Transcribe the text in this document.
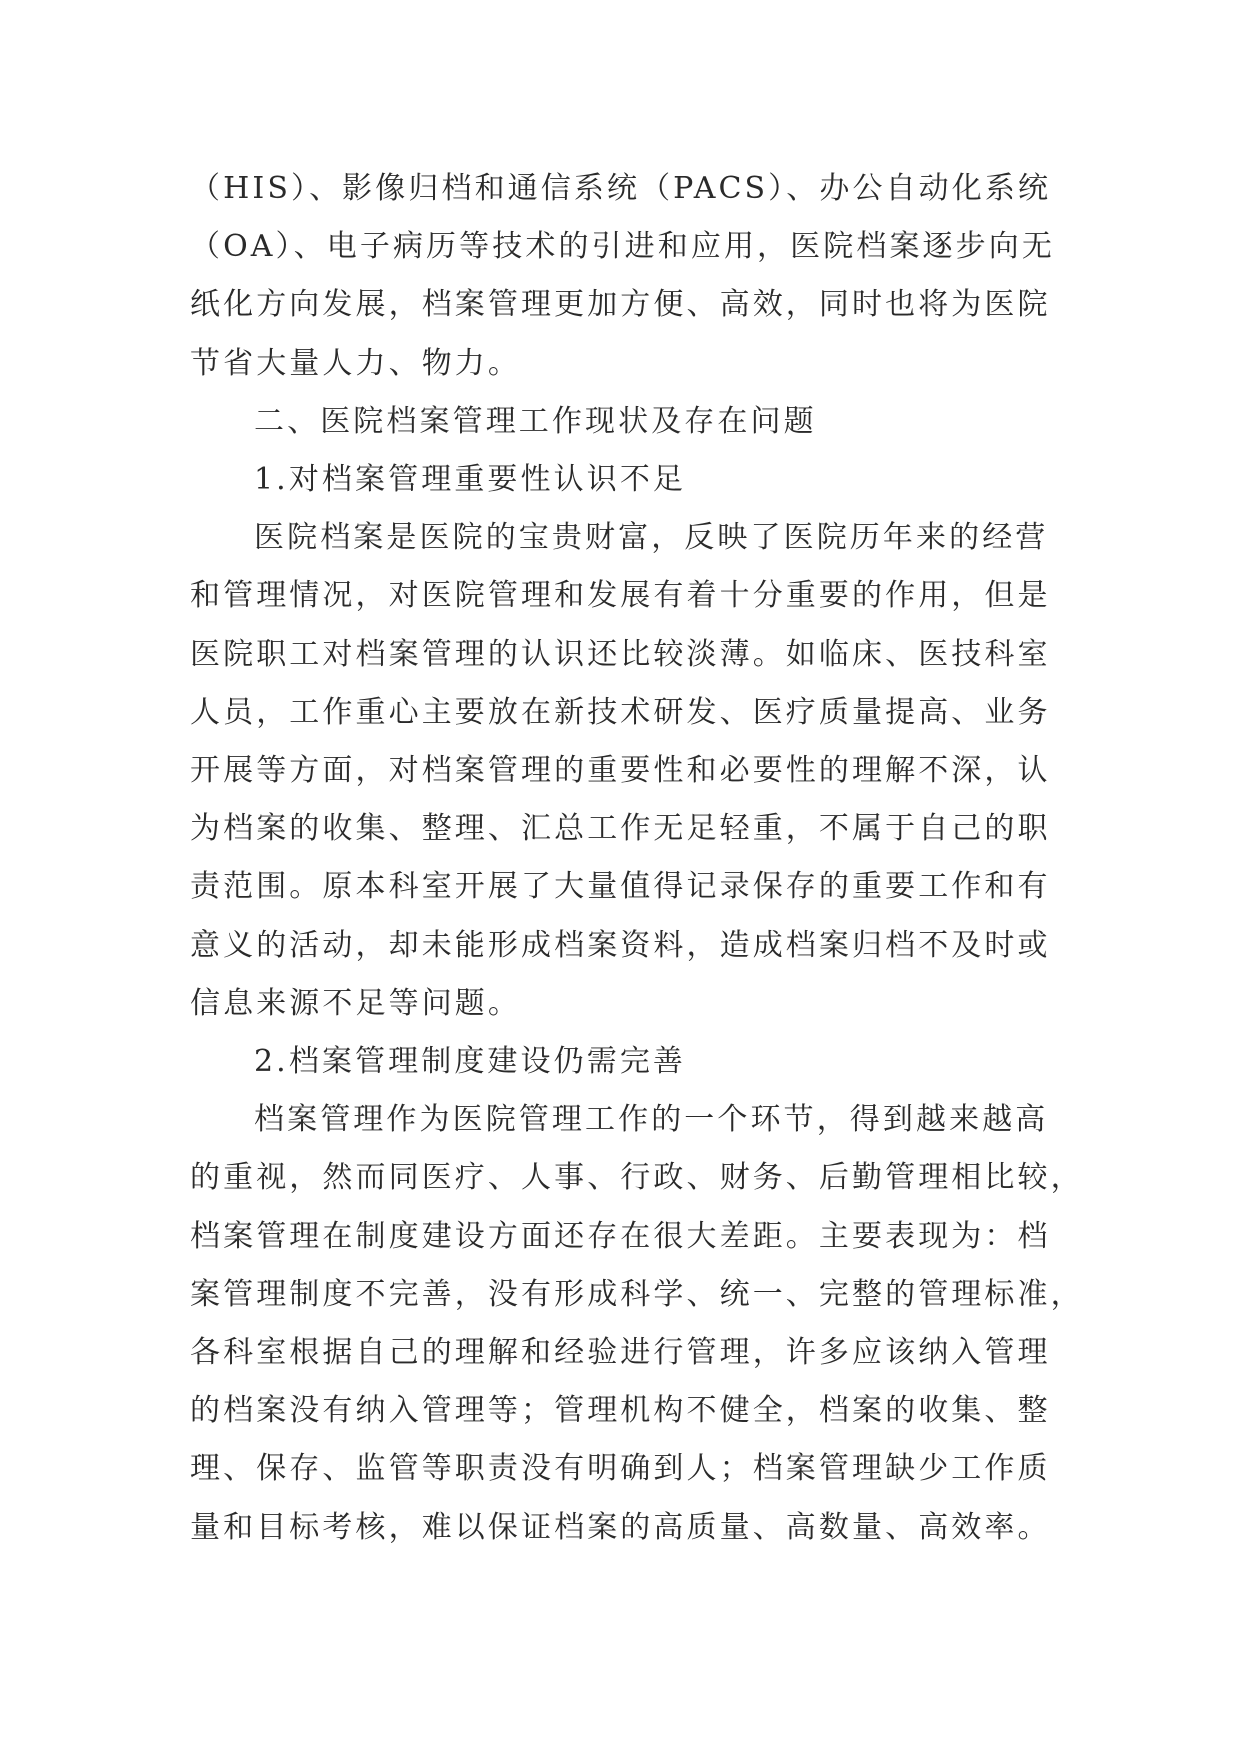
（HIS）、影像归档和通信系统（PACS）、办公自动化系统
（OA）、电子病历等技术的引进和应用，医院档案逐步向无
纸化方向发展，档案管理更加方便、高效，同时也将为医院
节省大量人力、物力。

二、医院档案管理工作现状及存在问题

1.对档案管理重要性认识不足

医院档案是医院的宝贵财富，反映了医院历年来的经营
和管理情况，对医院管理和发展有着十分重要的作用，但是
医院职工对档案管理的认识还比较淡薄。如临床、医技科室
人员，工作重心主要放在新技术研发、医疗质量提高、业务
开展等方面，对档案管理的重要性和必要性的理解不深，认
为档案的收集、整理、汇总工作无足轻重，不属于自己的职
责范围。原本科室开展了大量值得记录保存的重要工作和有
意义的活动，却未能形成档案资料，造成档案归档不及时或
信息来源不足等问题。

2.档案管理制度建设仍需完善

档案管理作为医院管理工作的一个环节，得到越来越高
的重视，然而同医疗、人事、行政、财务、后勤管理相比较，
档案管理在制度建设方面还存在很大差距。主要表现为：档
案管理制度不完善，没有形成科学、统一、完整的管理标准，
各科室根据自己的理解和经验进行管理，许多应该纳入管理
的档案没有纳入管理等；管理机构不健全，档案的收集、整
理、保存、监管等职责没有明确到人；档案管理缺少工作质
量和目标考核，难以保证档案的高质量、高数量、高效率。
